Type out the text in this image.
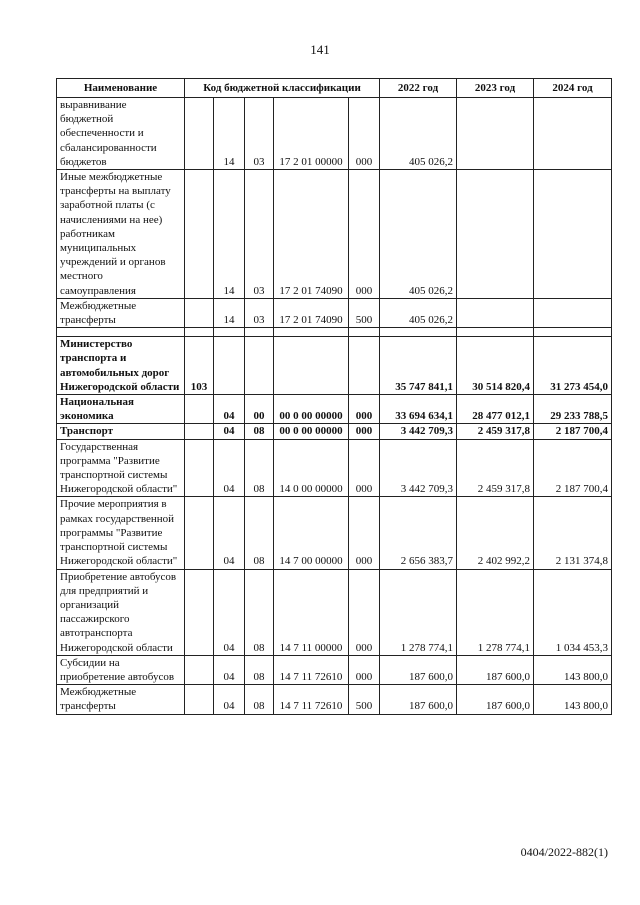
141
Наименование	Код бюджетной классификации					2022 год	2023 год	2024 год
выравнивание бюджетной обеспеченности и сбалансированности бюджетов		14	03	17 2 01 00000	000	405 026,2		
Иные межбюджетные трансферты на выплату заработной платы (с начислениями на нее) работникам муниципальных учреждений и органов местного самоуправления		14	03	17 2 01 74090	000	405 026,2		
Межбюджетные трансферты		14	03	17 2 01 74090	500	405 026,2		

Министерство транспорта и автомобильных дорог Нижегородской области	103					35 747 841,1	30 514 820,4	31 273 454,0
Национальная экономика		04	00	00 0 00 00000	000	33 694 634,1	28 477 012,1	29 233 788,5
Транспорт		04	08	00 0 00 00000	000	3 442 709,3	2 459 317,8	2 187 700,4
Государственная программа "Развитие транспортной системы Нижегородской области"		04	08	14 0 00 00000	000	3 442 709,3	2 459 317,8	2 187 700,4
Прочие мероприятия в рамках государственной программы "Развитие транспортной системы Нижегородской области"		04	08	14 7 00 00000	000	2 656 383,7	2 402 992,2	2 131 374,8
Приобретение автобусов для предприятий и организаций пассажирского автотранспорта Нижегородской области		04	08	14 7 11 00000	000	1 278 774,1	1 278 774,1	1 034 453,3
Субсидии на приобретение автобусов		04	08	14 7 11 72610	000	187 600,0	187 600,0	143 800,0
Межбюджетные трансферты		04	08	14 7 11 72610	500	187 600,0	187 600,0	143 800,0
0404/2022-882(1)
